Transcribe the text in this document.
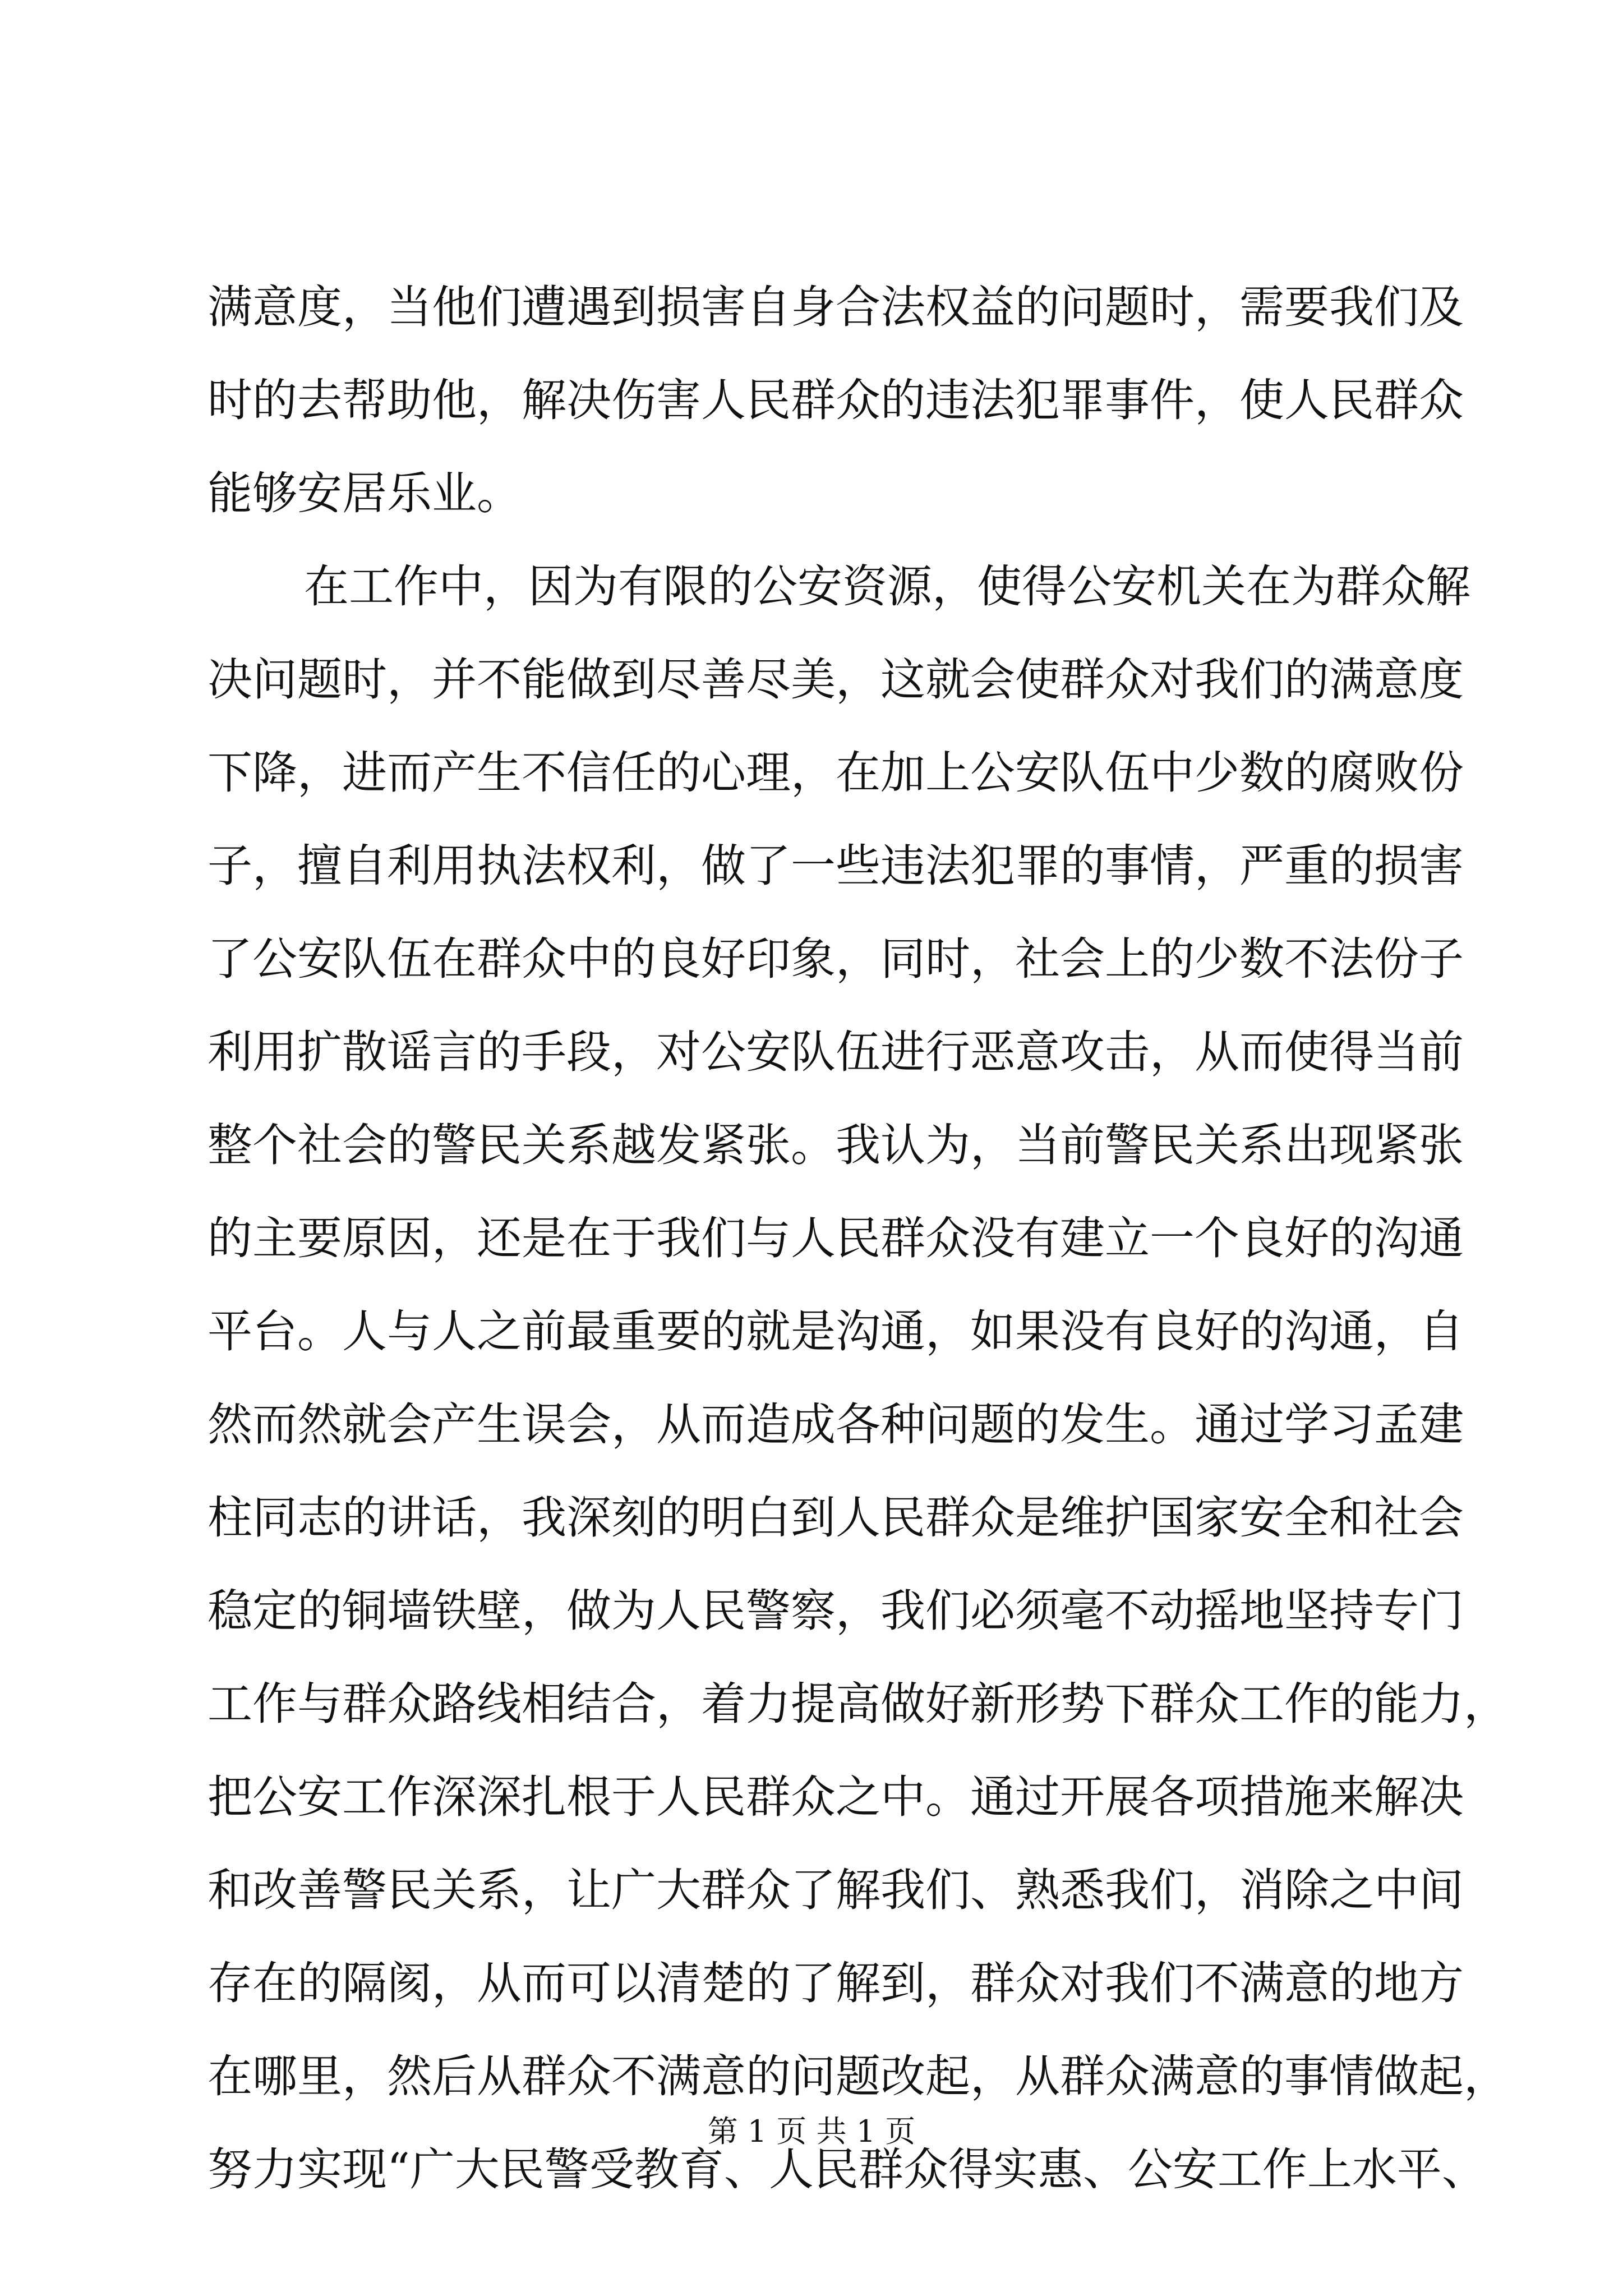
满意度，当他们遭遇到损害自身合法权益的问题时，需要我们及
时的去帮助他，解决伤害人民群众的违法犯罪事件，使人民群众
能够安居乐业。
在工作中，因为有限的公安资源，使得公安机关在为群众解
决问题时，并不能做到尽善尽美，这就会使群众对我们的满意度
下降，进而产生不信任的心理，在加上公安队伍中少数的腐败份
子，擅自利用执法权利，做了一些违法犯罪的事情，严重的损害
了公安队伍在群众中的良好印象，同时，社会上的少数不法份子
利用扩散谣言的手段，对公安队伍进行恶意攻击，从而使得当前
整个社会的警民关系越发紧张。我认为，当前警民关系出现紧张
的主要原因，还是在于我们与人民群众没有建立一个良好的沟通
平台。人与人之前最重要的就是沟通，如果没有良好的沟通，自
然而然就会产生误会，从而造成各种问题的发生。通过学习孟建
柱同志的讲话，我深刻的明白到人民群众是维护国家安全和社会
稳定的铜墙铁壁，做为人民警察，我们必须毫不动摇地坚持专门
工作与群众路线相结合，着力提高做好新形势下群众工作的能力，
把公安工作深深扎根于人民群众之中。通过开展各项措施来解决
和改善警民关系，让广大群众了解我们、熟悉我们，消除之中间
存在的隔阂，从而可以清楚的了解到，群众对我们不满意的地方
在哪里，然后从群众不满意的问题改起，从群众满意的事情做起，
努力实现“广大民警受教育、人民群众得实惠、公安工作上水平、
第 1 页 共 1 页
